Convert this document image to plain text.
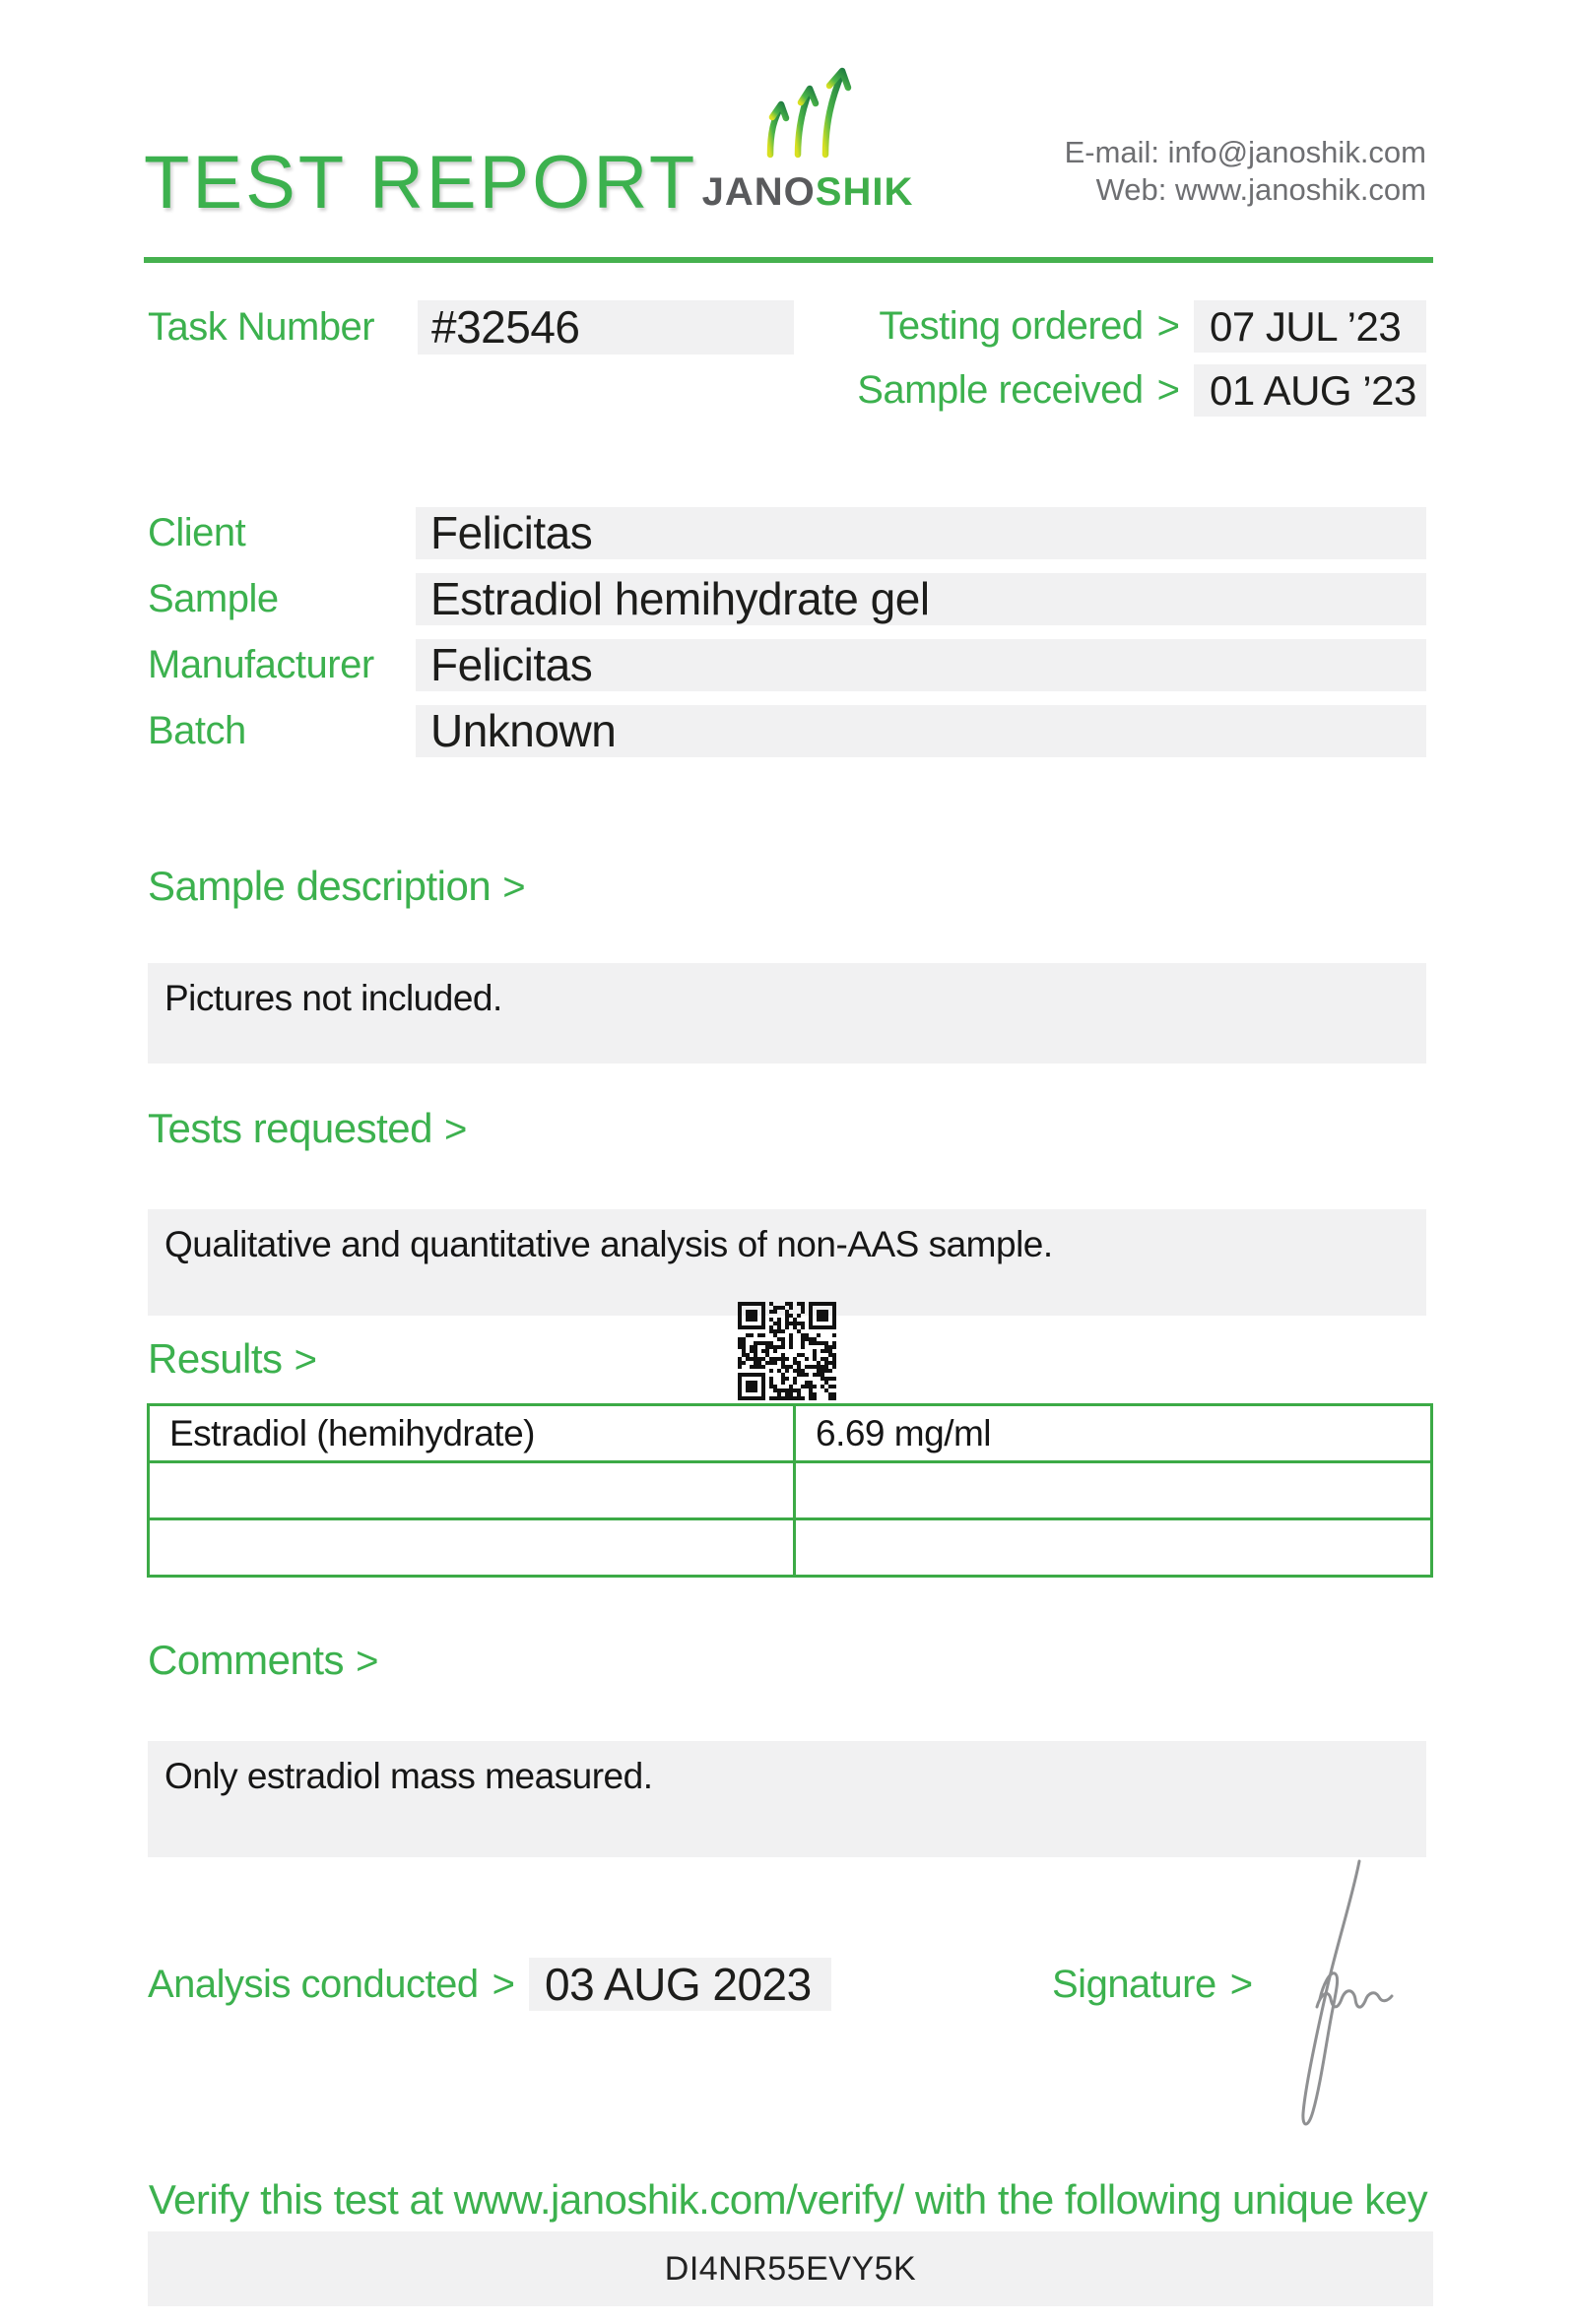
TEST REPORT JANOSHIK
E-mail: info@janoshik.com
Web: www.janoshik.com
Task Number	#32546	Testing ordered > 07 JUL ’23
Sample received > 01 AUG ’23
Client	Felicitas
Sample	Estradiol hemihydrate gel
Manufacturer	Felicitas
Batch	Unknown
Sample description >
Pictures not included.
Tests requested >
Qualitative and quantitative analysis of non-AAS sample.
Results >
Estradiol (hemihydrate)	6.69 mg/ml
Comments >
Only estradiol mass measured.
Analysis conducted > 03 AUG 2023	Signature >
Verify this test at www.janoshik.com/verify/ with the following unique key
DI4NR55EVY5K
